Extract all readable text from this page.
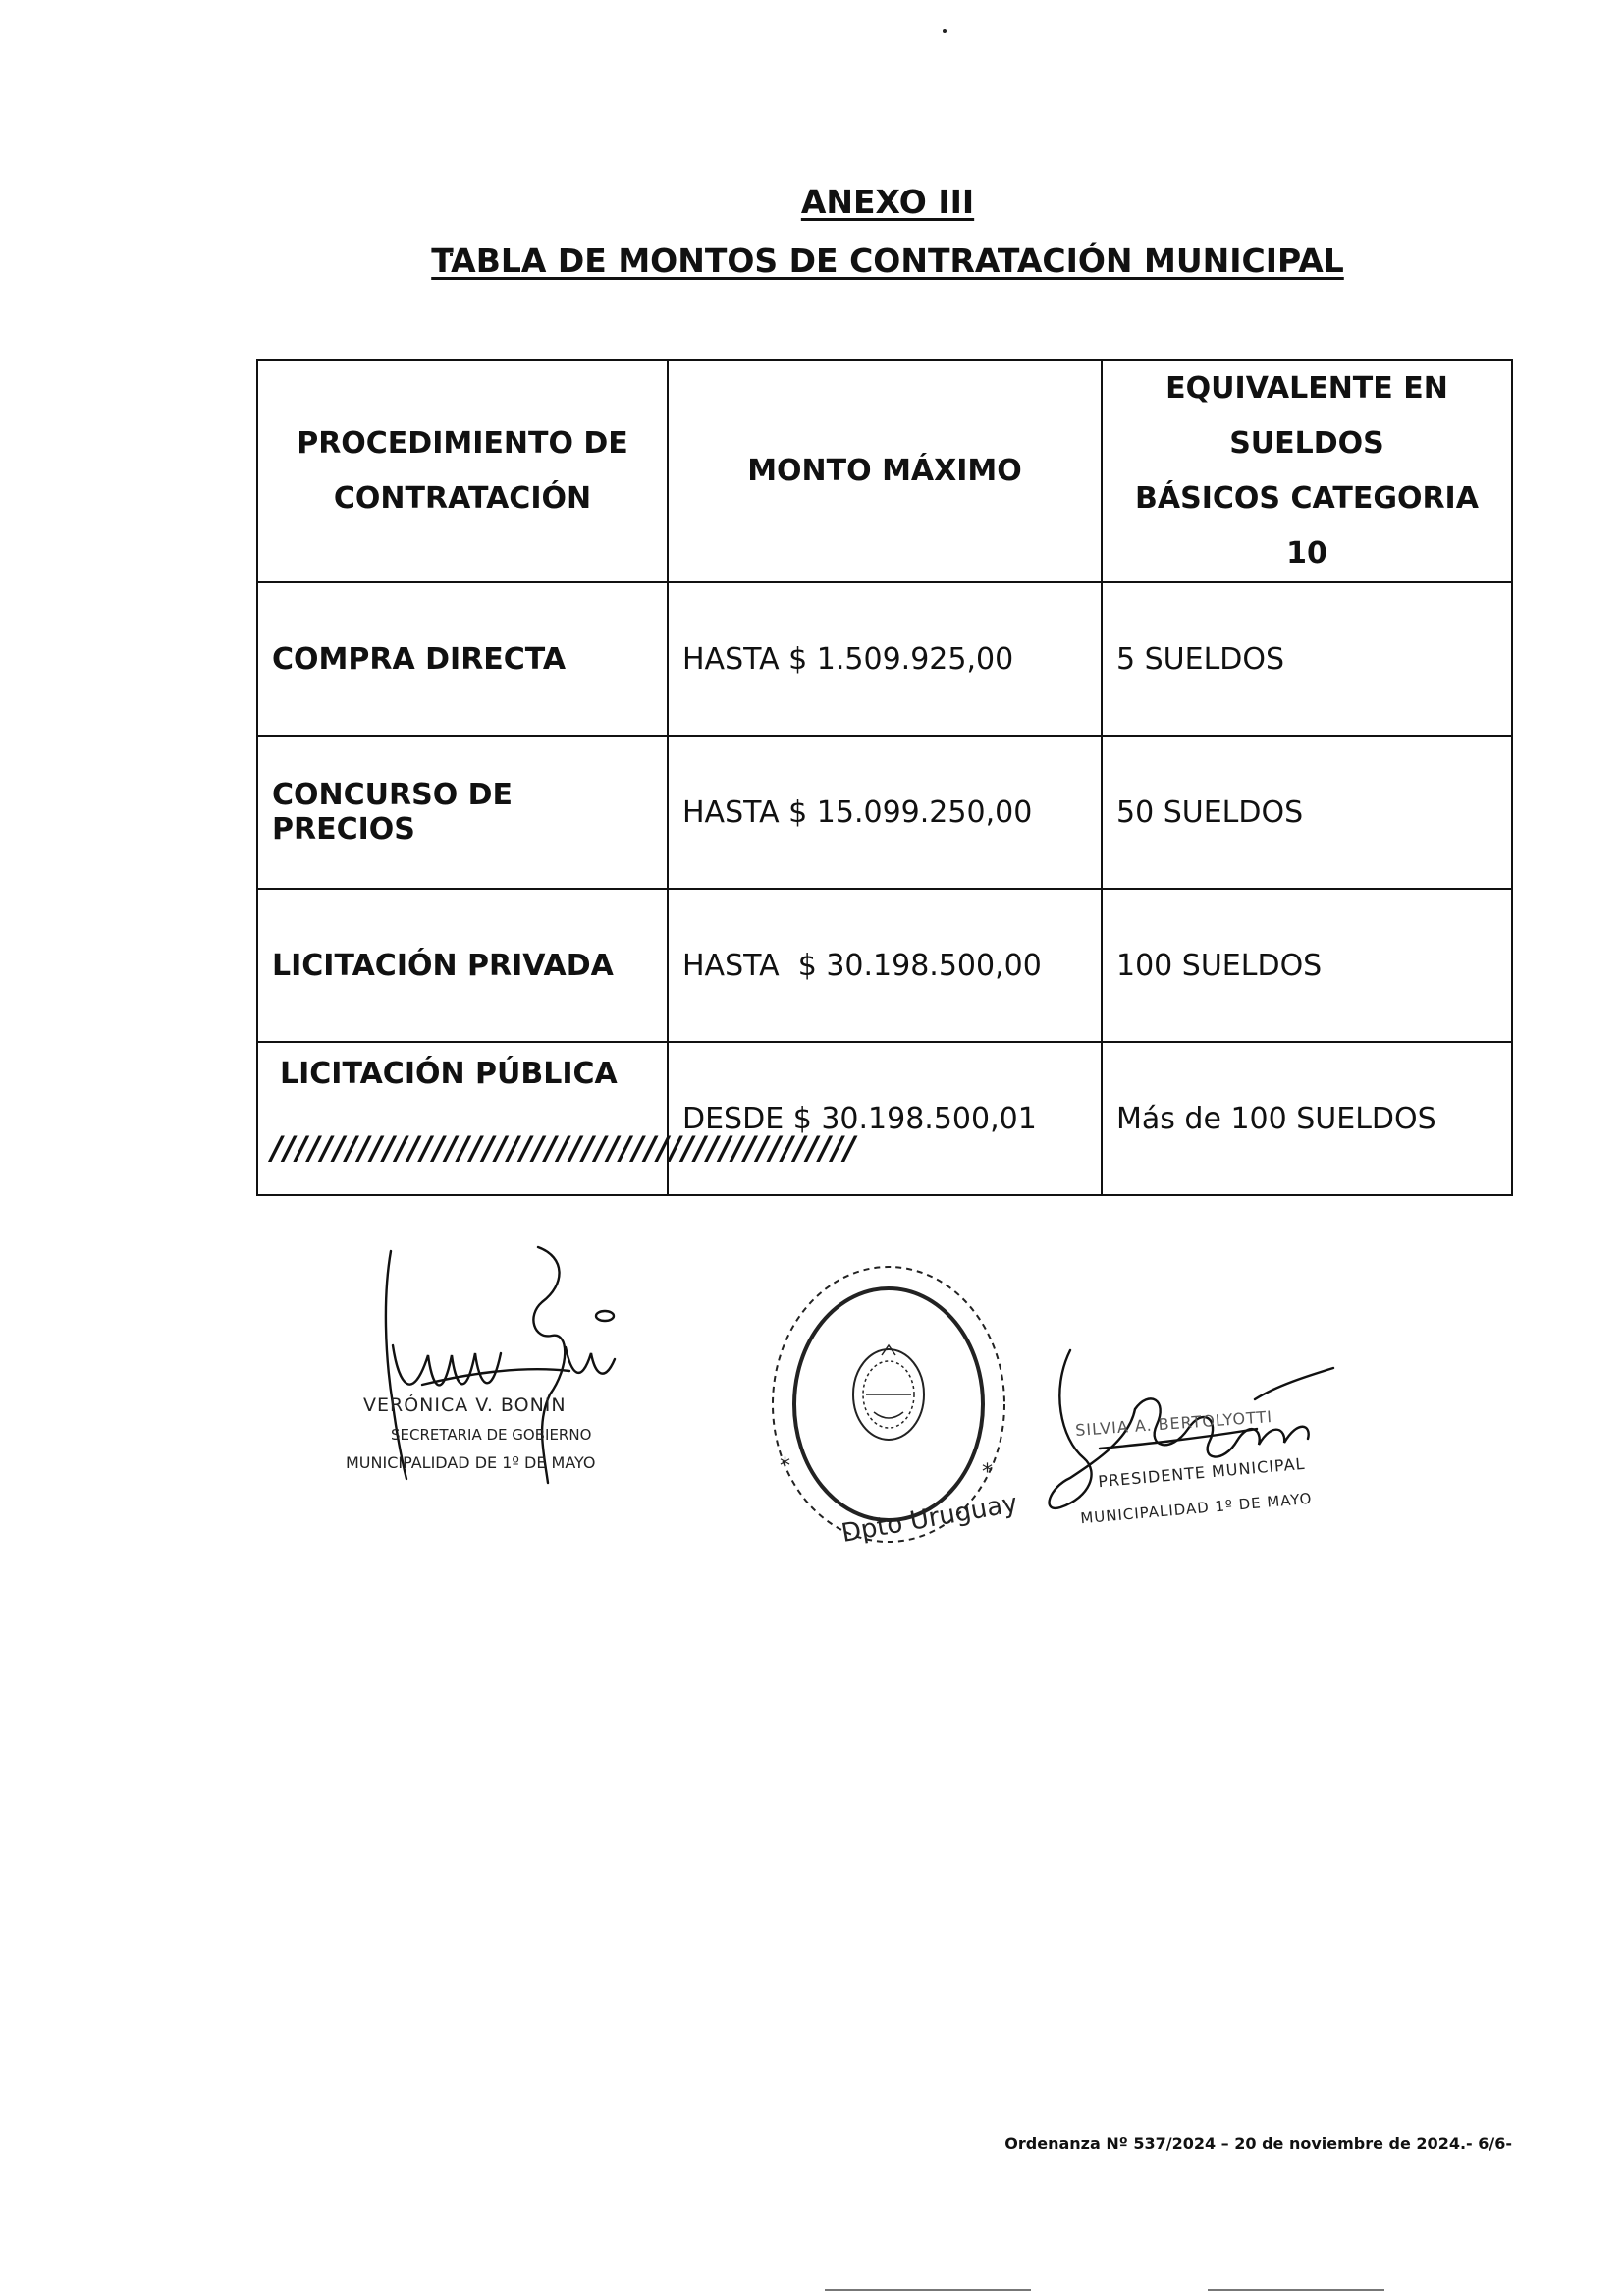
ANEXO III
TABLA DE MONTOS DE CONTRATACIÓN MUNICIPAL
PROCEDIMIENTO DE CONTRATACIÓN	MONTO MÁXIMO	EQUIVALENTE EN
SUELDOS
BÁSICOS CATEGORIA 10
COMPRA DIRECTA	HASTA $ 1.509.925,00	5 SUELDOS
CONCURSO DE PRECIOS	HASTA $ 15.099.250,00	50 SUELDOS
LICITACIÓN PRIVADA	HASTA  $ 30.198.500,00	100 SUELDOS
LICITACIÓN PÚBLICA	DESDE $ 30.198.500,01	Más de 100 SUELDOS
///////////////////////////////////////////////
VERÓNICA V. BONIN
SECRETARIA DE GOBIERNO
MUNICIPALIDAD DE 1º DE MAYO	*
*
Dpto Uruguay
SILVIA A. BERTOLYOTTI
PRESIDENTE MUNICIPAL
MUNICIPALIDAD 1º DE MAYO
Ordenanza Nº 537/2024 – 20 de noviembre de 2024.- 6/6-
